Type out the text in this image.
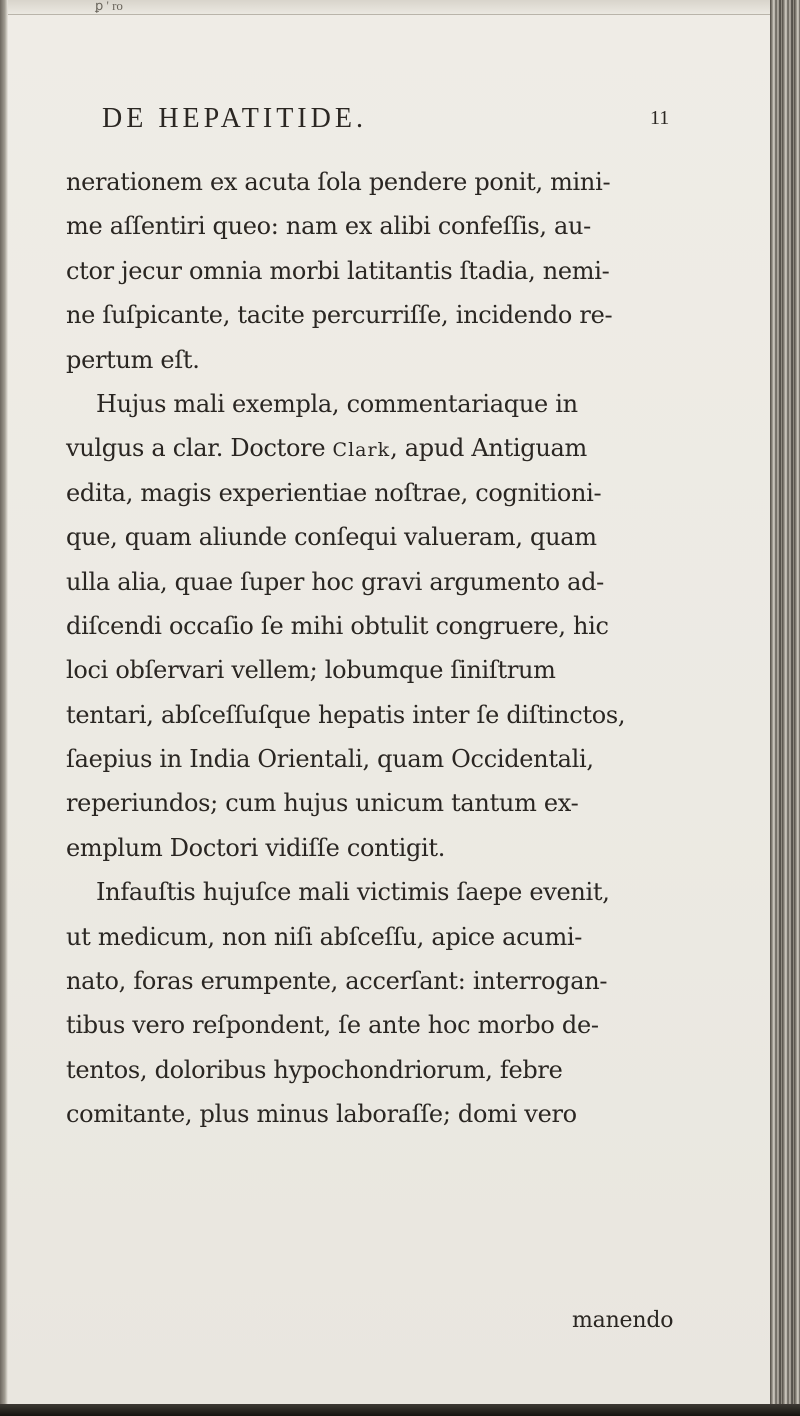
ꝑ ' ro
DE HEPATITIDE.	11
nerationem ex acuta ſola pendere ponit, mini-
me aſſentiri queo: nam ex alibi confeſſis, au-
ctor jecur omnia morbi latitantis ſtadia, nemi-
ne ſuſpicante, tacite percurriſſe, incidendo re-
pertum eſt.
Hujus mali exempla, commentariaque in
vulgus a clar. Doctore Clark, apud Antiguam
edita, magis experientiae noſtrae, cognitioni-
que, quam aliunde conſequi valueram, quam
ulla alia, quae ſuper hoc gravi argumento ad-
diſcendi occaſio ſe mihi obtulit congruere, hic
loci obſervari vellem; lobumque ſiniſtrum
tentari, abſceſſuſque hepatis inter ſe diſtinctos,
ſaepius in India Orientali, quam Occidentali,
reperiundos; cum hujus unicum tantum ex-
emplum Doctori vidiſſe contigit.
Infauſtis hujuſce mali victimis ſaepe evenit,
ut medicum, non niſi abſceſſu, apice acumi-
nato, foras erumpente, accerſant: interrogan-
tibus vero reſpondent, ſe ante hoc morbo de-
tentos, doloribus hypochondriorum, febre
comitante, plus minus laboraſſe; domi vero
manendo
